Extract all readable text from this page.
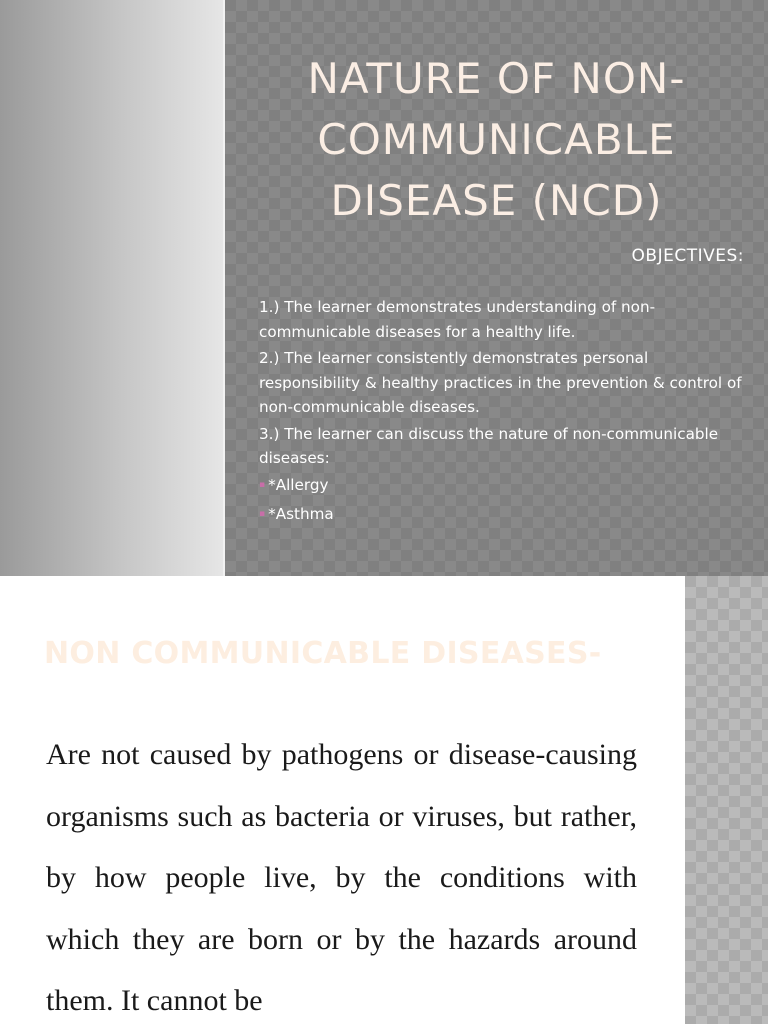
NATURE OF NON-COMMUNICABLE DISEASE (NCD)
OBJECTIVES:

1.) The learner demonstrates understanding of non-communicable diseases for a healthy life.

2.) The learner consistently demonstrates personal responsibility & healthy practices in the prevention & control of non-communicable diseases.

3.) The learner can discuss the nature of non-communicable diseases:

▪ *Allergy
▪ *Asthma
NON COMMUNICABLE DISEASES-

Are not caused by pathogens or disease-causing organisms such as bacteria or viruses, but rather, by how people live, by the conditions with which they are born or by the hazards around them. It cannot be
